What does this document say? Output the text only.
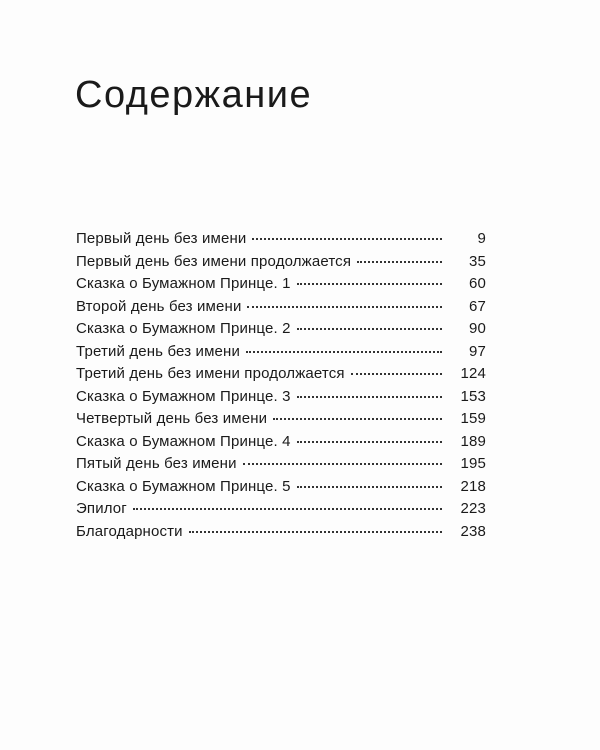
Содержание
Первый день без имени	9
Первый день без имени продолжается	35
Сказка о Бумажном Принце. 1	60
Второй день без имени	67
Сказка о Бумажном Принце. 2	90
Третий день без имени	97
Третий день без имени продолжается	124
Сказка о Бумажном Принце. 3	153
Четвертый день без имени	159
Сказка о Бумажном Принце. 4	189
Пятый день без имени	195
Сказка о Бумажном Принце. 5	218
Эпилог	223
Благодарности	238
